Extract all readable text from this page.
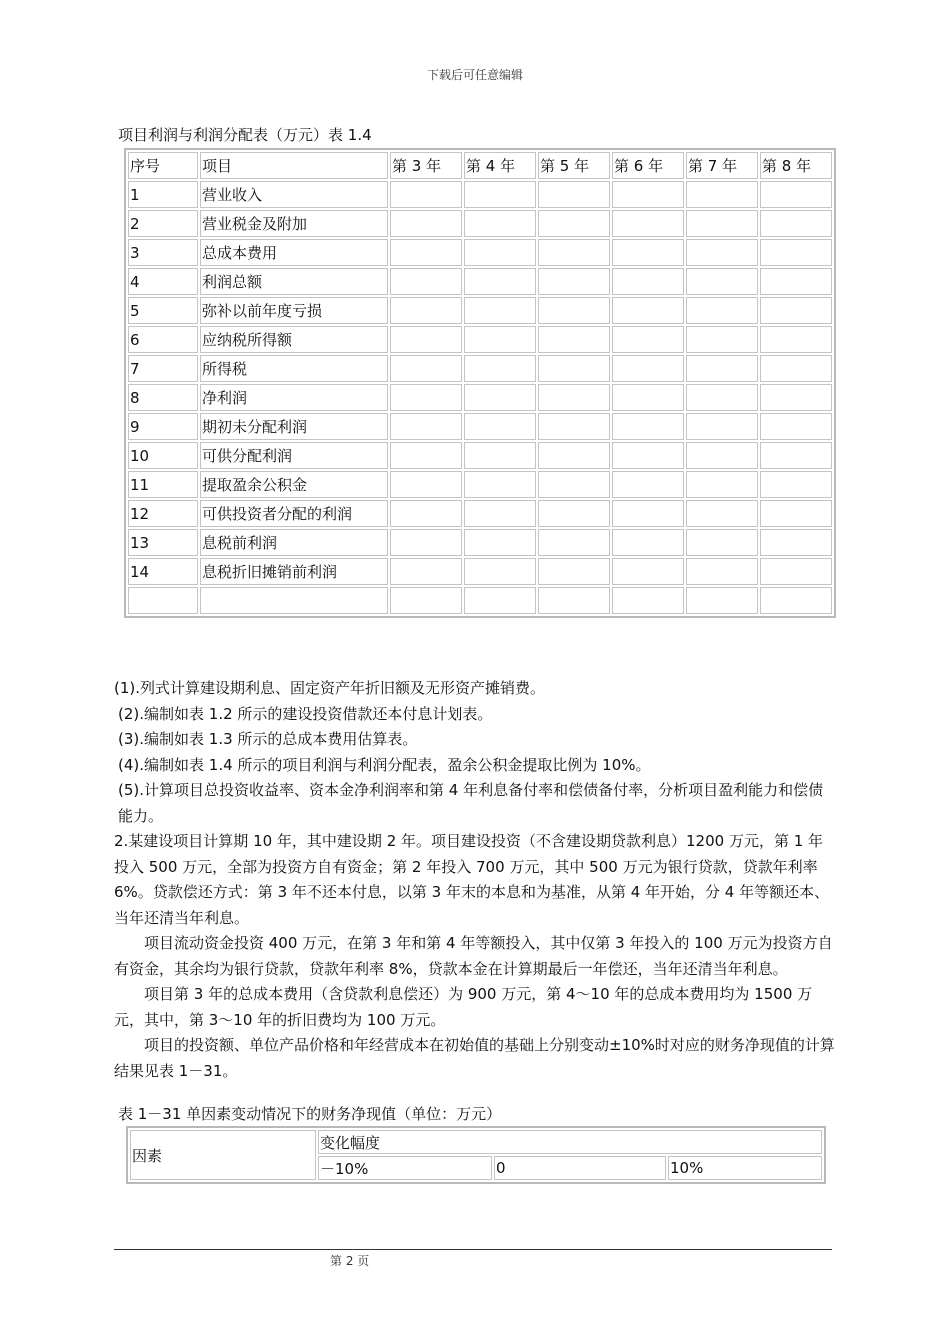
下载后可任意编辑
项目利润与利润分配表（万元）表 1.4
序号	项目	第 3 年	第 4 年	第 5 年	第 6 年	第 7 年	第 8 年
1	营业收入						
2	营业税金及附加						
3	总成本费用						
4	利润总额						
5	弥补以前年度亏损						
6	应纳税所得额						
7	所得税						
8	净利润						
9	期初未分配利润						
10	可供分配利润						
11	提取盈余公积金						
12	可供投资者分配的利润						
13	息税前利润						
14	息税折旧摊销前利润						

(1).列式计算建设期利息、固定资产年折旧额及无形资产摊销费。

(2).编制如表 1.2 所示的建设投资借款还本付息计划表。

(3).编制如表 1.3 所示的总成本费用估算表。

(4).编制如表 1.4 所示的项目利润与利润分配表，盈余公积金提取比例为 10%。

(5).计算项目总投资收益率、资本金净利润率和第 4 年利息备付率和偿债备付率，分析项目盈利能力和偿债能力。

2.某建设项目计算期 10 年，其中建设期 2 年。项目建设投资（不含建设期贷款利息）1200 万元，第 1 年投入 500 万元，全部为投资方自有资金；第 2 年投入 700 万元，其中 500 万元为银行贷款，贷款年利率 6%。贷款偿还方式：第 3 年不还本付息，以第 3 年末的本息和为基准，从第 4 年开始，分 4 年等额还本、当年还清当年利息。

项目流动资金投资 400 万元，在第 3 年和第 4 年等额投入，其中仅第 3 年投入的 100 万元为投资方自有资金，其余均为银行贷款，贷款年利率 8%，贷款本金在计算期最后一年偿还，当年还清当年利息。

项目第 3 年的总成本费用（含贷款利息偿还）为 900 万元，第 4～10 年的总成本费用均为 1500 万元，其中，第 3～10 年的折旧费均为 100 万元。

项目的投资额、单位产品价格和年经营成本在初始值的基础上分别变动±10%时对应的财务净现值的计算结果见表 1－31。

表 1－31 单因素变动情况下的财务净现值（单位：万元）
因素	变化幅度		
	－10%	0	10%
第 2 页
